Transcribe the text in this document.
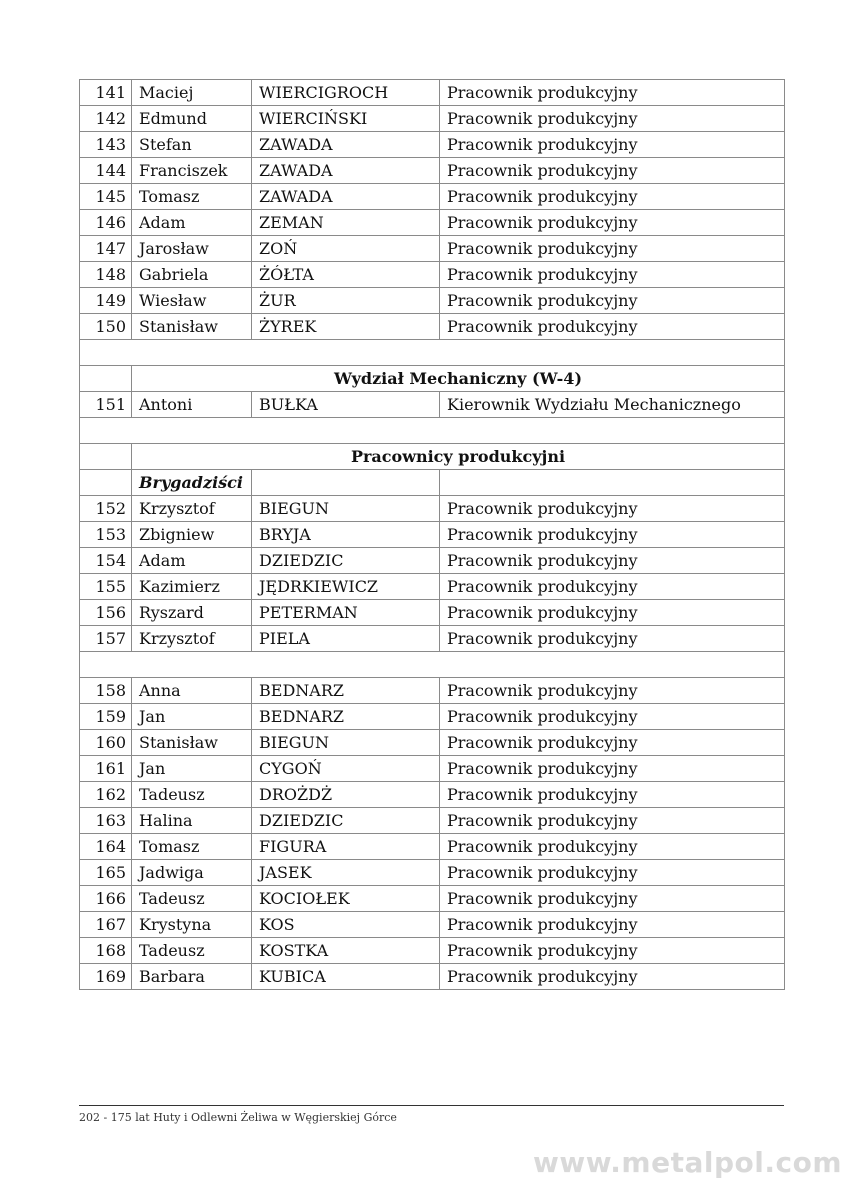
141	Maciej	WIERCIGROCH	Pracownik produkcyjny
142	Edmund	WIERCIŃSKI	Pracownik produkcyjny
143	Stefan	ZAWADA	Pracownik produkcyjny
144	Franciszek	ZAWADA	Pracownik produkcyjny
145	Tomasz	ZAWADA	Pracownik produkcyjny
146	Adam	ZEMAN	Pracownik produkcyjny
147	Jarosław	ZOŃ	Pracownik produkcyjny
148	Gabriela	ŻÓŁTA	Pracownik produkcyjny
149	Wiesław	ŻUR	Pracownik produkcyjny
150	Stanisław	ŻYREK	Pracownik produkcyjny

	Wydział Mechaniczny (W-4)		
151	Antoni	BUŁKA	Kierownik Wydziału Mechanicznego

	Pracownicy produkcyjni		
	Brygadziści		
152	Krzysztof	BIEGUN	Pracownik produkcyjny
153	Zbigniew	BRYJA	Pracownik produkcyjny
154	Adam	DZIEDZIC	Pracownik produkcyjny
155	Kazimierz	JĘDRKIEWICZ	Pracownik produkcyjny
156	Ryszard	PETERMAN	Pracownik produkcyjny
157	Krzysztof	PIELA	Pracownik produkcyjny

158	Anna	BEDNARZ	Pracownik produkcyjny
159	Jan	BEDNARZ	Pracownik produkcyjny
160	Stanisław	BIEGUN	Pracownik produkcyjny
161	Jan	CYGOŃ	Pracownik produkcyjny
162	Tadeusz	DROŻDŻ	Pracownik produkcyjny
163	Halina	DZIEDZIC	Pracownik produkcyjny
164	Tomasz	FIGURA	Pracownik produkcyjny
165	Jadwiga	JASEK	Pracownik produkcyjny
166	Tadeusz	KOCIOŁEK	Pracownik produkcyjny
167	Krystyna	KOS	Pracownik produkcyjny
168	Tadeusz	KOSTKA	Pracownik produkcyjny
169	Barbara	KUBICA	Pracownik produkcyjny
202 - 175 lat Huty i Odlewni Żeliwa w Węgierskiej Górce
www.metalpol.com
